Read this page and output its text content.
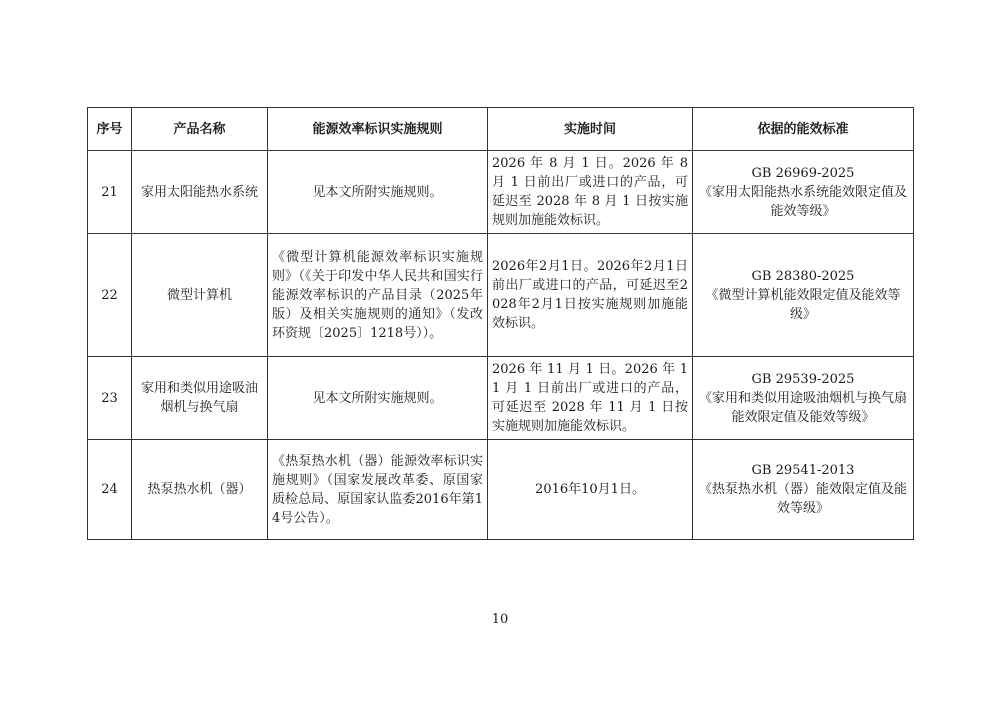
序号	产品名称	能源效率标识实施规则	实施时间	依据的能效标准
21	家用太阳能热水系统	见本文所附实施规则。	2026 年 8 月 1 日。2026 年 8 月 1 日前出厂或进口的产品，可延迟至 2028 年 8 月 1 日按实施规则加施能效标识。	GB 26969-2025
《家用太阳能热水系统能效限定值及能效等级》

22	微型计算机	《微型计算机能源效率标识实施规则》（《关于印发中华人民共和国实行能源效率标识的产品目录（2025年版）及相关实施规则的通知》（发改环资规〔2025〕1218号））。	2026年2月1日。2026年2月1日前出厂或进口的产品，可延迟至2028年2月1日按实施规则加施能效标识。	GB 28380-2025
《微型计算机能效限定值及能效等级》

23	家用和类似用途吸油烟机与换气扇	见本文所附实施规则。	2026 年 11 月 1 日。2026 年 11 月 1 日前出厂或进口的产品，可延迟至 2028 年 11 月 1 日按实施规则加施能效标识。	GB 29539-2025
《家用和类似用途吸油烟机与换气扇能效限定值及能效等级》

24	热泵热水机（器）	《热泵热水机（器）能源效率标识实施规则》（国家发展改革委、原国家质检总局、原国家认监委2016年第14号公告）。	2016年10月1日。	GB 29541-2013
《热泵热水机（器）能效限定值及能效等级》
10
